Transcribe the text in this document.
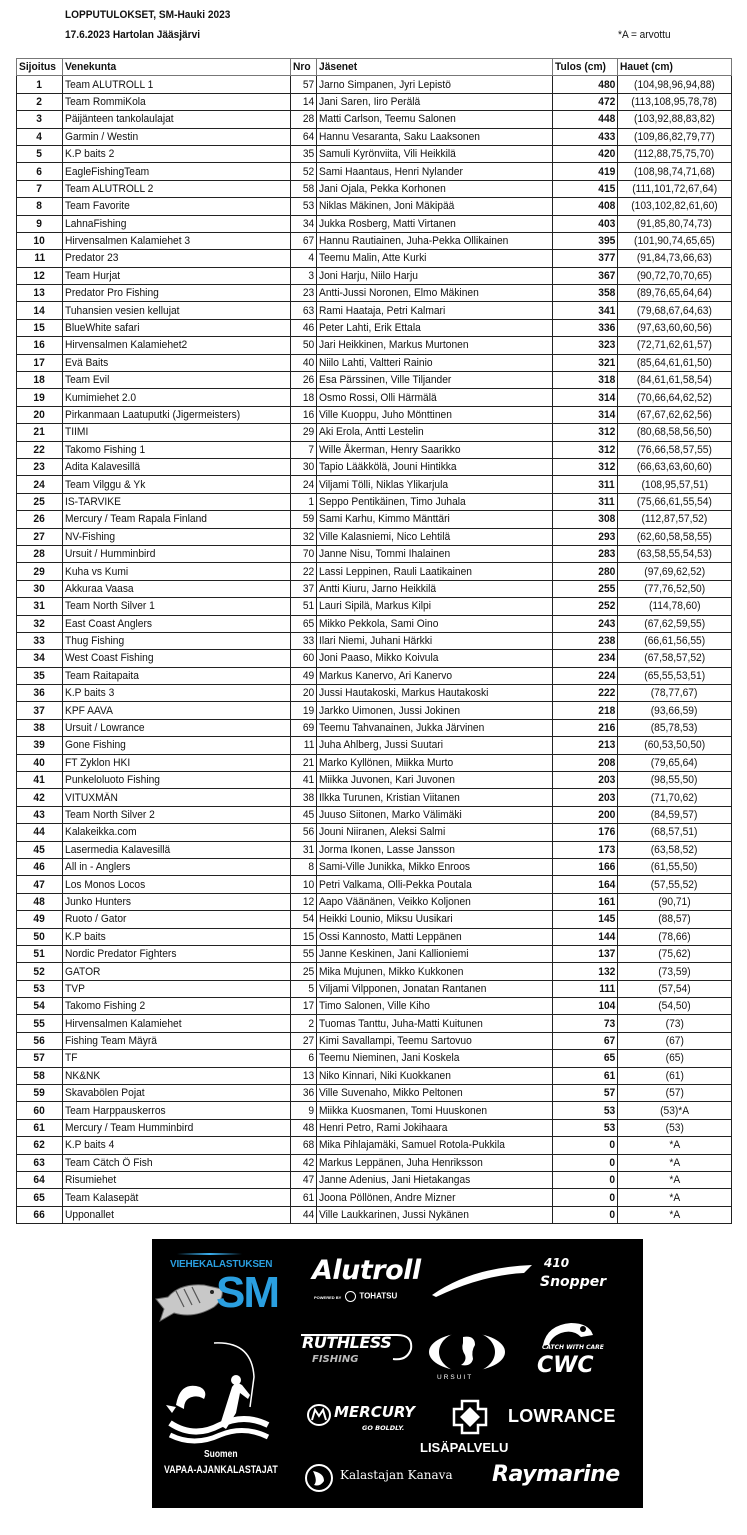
LOPPUTULOKSET, SM-Hauki 2023
17.6.2023 Hartolan Jääsjärvi	*A = arvottu
Sijoitus	Venekunta	Nro	Jäsenet	Tulos (cm)	Hauet (cm)
1	Team ALUTROLL 1	57	Jarno Simpanen, Jyri Lepistö	480	(104,98,96,94,88)
2	Team RommiKola	14	Jani Saren, Iiro Perälä	472	(113,108,95,78,78)
3	Päijänteen tankolaulajat	28	Matti Carlson, Teemu Salonen	448	(103,92,88,83,82)
4	Garmin / Westin	64	Hannu Vesaranta, Saku Laaksonen	433	(109,86,82,79,77)
5	K.P baits 2	35	Samuli Kyrönviita, Vili Heikkilä	420	(112,88,75,75,70)
6	EagleFishingTeam	52	Sami Haantaus, Henri Nylander	419	(108,98,74,71,68)
7	Team ALUTROLL 2	58	Jani Ojala, Pekka Korhonen	415	(111,101,72,67,64)
8	Team Favorite	53	Niklas Mäkinen, Joni Mäkipää	408	(103,102,82,61,60)
9	LahnaFishing	34	Jukka Rosberg, Matti Virtanen	403	(91,85,80,74,73)
10	Hirvensalmen Kalamiehet 3	67	Hannu Rautiainen, Juha-Pekka Ollikainen	395	(101,90,74,65,65)
11	Predator 23	4	Teemu Malin, Atte Kurki	377	(91,84,73,66,63)
12	Team Hurjat	3	Joni Harju, Niilo Harju	367	(90,72,70,70,65)
13	Predator Pro Fishing	23	Antti-Jussi Noronen, Elmo Mäkinen	358	(89,76,65,64,64)
14	Tuhansien vesien kellujat	63	Rami Haataja, Petri Kalmari	341	(79,68,67,64,63)
15	BlueWhite safari	46	Peter Lahti, Erik Ettala	336	(97,63,60,60,56)
16	Hirvensalmen Kalamiehet2	50	Jari Heikkinen, Markus Murtonen	323	(72,71,62,61,57)
17	Evä Baits	40	Niilo Lahti, Valtteri Rainio	321	(85,64,61,61,50)
18	Team Evil	26	Esa Pärssinen, Ville Tiljander	318	(84,61,61,58,54)
19	Kumimiehet 2.0	18	Osmo Rossi, Olli Härmälä	314	(70,66,64,62,52)
20	Pirkanmaan Laatuputki (Jigermeisters)	16	Ville Kuoppu, Juho Mönttinen	314	(67,67,62,62,56)
21	TIIMI	29	Aki Erola, Antti Lestelin	312	(80,68,58,56,50)
22	Takomo Fishing 1	7	Wille Åkerman, Henry Saarikko	312	(76,66,58,57,55)
23	Adita Kalavesillä	30	Tapio Lääkkölä, Jouni Hintikka	312	(66,63,63,60,60)
24	Team Vilggu & Yk	24	Viljami Tölli, Niklas Ylikarjula	311	(108,95,57,51)
25	IS-TARVIKE	1	Seppo Pentikäinen, Timo Juhala	311	(75,66,61,55,54)
26	Mercury / Team Rapala Finland	59	Sami Karhu, Kimmo Mänttäri	308	(112,87,57,52)
27	NV-Fishing	32	Ville Kalasniemi, Nico Lehtilä	293	(62,60,58,58,55)
28	Ursuit / Humminbird	70	Janne Nisu, Tommi Ihalainen	283	(63,58,55,54,53)
29	Kuha vs Kumi	22	Lassi Leppinen, Rauli Laatikainen	280	(97,69,62,52)
30	Akkuraa Vaasa	37	Antti Kiuru, Jarno Heikkilä	255	(77,76,52,50)
31	Team North Silver 1	51	Lauri Sipilä, Markus Kilpi	252	(114,78,60)
32	East Coast Anglers	65	Mikko Pekkola, Sami Oino	243	(67,62,59,55)
33	Thug Fishing	33	Ilari Niemi, Juhani Härkki	238	(66,61,56,55)
34	West Coast Fishing	60	Joni Paaso, Mikko Koivula	234	(67,58,57,52)
35	Team Raitapaita	49	Markus Kanervo, Ari Kanervo	224	(65,55,53,51)
36	K.P baits 3	20	Jussi Hautakoski, Markus Hautakoski	222	(78,77,67)
37	KPF AAVA	19	Jarkko Uimonen, Jussi Jokinen	218	(93,66,59)
38	Ursuit / Lowrance	69	Teemu Tahvanainen, Jukka Järvinen	216	(85,78,53)
39	Gone Fishing	11	Juha Ahlberg, Jussi Suutari	213	(60,53,50,50)
40	FT Zyklon HKI	21	Marko Kyllönen, Miikka Murto	208	(79,65,64)
41	Punkeloluoto Fishing	41	Miikka Juvonen, Kari Juvonen	203	(98,55,50)
42	VITUXMÄN	38	Ilkka Turunen, Kristian Viitanen	203	(71,70,62)
43	Team North Silver 2	45	Juuso Siitonen, Marko Välimäki	200	(84,59,57)
44	Kalakeikka.com	56	Jouni Niiranen, Aleksi Salmi	176	(68,57,51)
45	Lasermedia Kalavesillä	31	Jorma Ikonen, Lasse Jansson	173	(63,58,52)
46	All in - Anglers	8	Sami-Ville Junikka, Mikko Enroos	166	(61,55,50)
47	Los Monos Locos	10	Petri Valkama, Olli-Pekka Poutala	164	(57,55,52)
48	Junko Hunters	12	Aapo Väänänen, Veikko Koljonen	161	(90,71)
49	Ruoto / Gator	54	Heikki Lounio, Miksu Uusikari	145	(88,57)
50	K.P baits	15	Ossi Kannosto, Matti Leppänen	144	(78,66)
51	Nordic Predator Fighters	55	Janne Keskinen, Jani Kallioniemi	137	(75,62)
52	GATOR	25	Mika Mujunen, Mikko Kukkonen	132	(73,59)
53	TVP	5	Viljami Vilpponen, Jonatan Rantanen	111	(57,54)
54	Takomo Fishing 2	17	Timo Salonen, Ville Kiho	104	(54,50)
55	Hirvensalmen Kalamiehet	2	Tuomas Tanttu, Juha-Matti Kuitunen	73	(73)
56	Fishing Team Mäyrä	27	Kimi Savallampi, Teemu Sartovuo	67	(67)
57	TF	6	Teemu Nieminen, Jani Koskela	65	(65)
58	NK&NK	13	Niko Kinnari, Niki Kuokkanen	61	(61)
59	Skavabölen Pojat	36	Ville Suvenaho, Mikko Peltonen	57	(57)
60	Team Harppauskerros	9	Miikka Kuosmanen, Tomi Huuskonen	53	(53)*A
61	Mercury / Team Humminbird	48	Henri Petro, Rami Jokihaara	53	(53)
62	K.P baits 4	68	Mika Pihlajamäki, Samuel Rotola-Pukkila	0	*A
63	Team Cätch Ö Fish	42	Markus Leppänen, Juha Henriksson	0	*A
64	Risumiehet	47	Janne Adenius, Jani Hietakangas	0	*A
65	Team Kalasepät	61	Joona Pöllönen, Andre Mizner	0	*A
66	Upponallet	44	Ville Laukkarinen, Jussi Nykänen	0	*A
VIEHEKALASTUKSEN
SM Alutroll
POWERED BY TOHATSU
410
Snopper
RUTHLESS
FISHING
URSUIT
CATCH WITH CARE
CWC
Suomen
VAPAA-AJANKALASTAJAT
MERCURY
GO BOLDLY.
LOWRANCE
LISÄPALVELU
Kalastajan Kanava Raymarine
